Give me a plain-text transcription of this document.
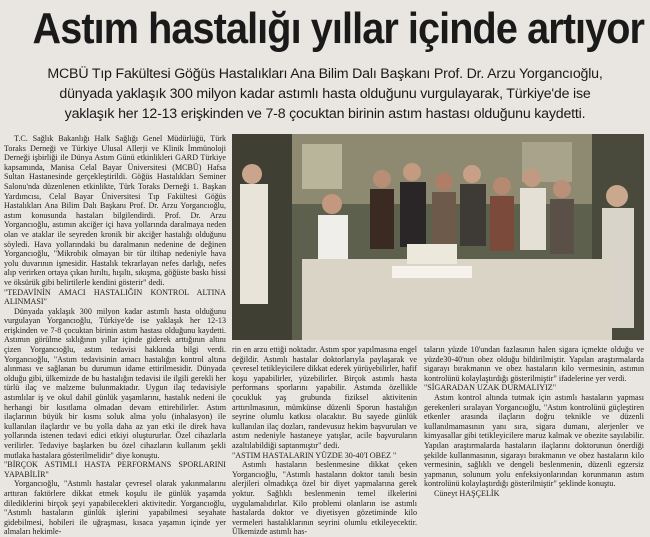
Astım hastalığı yıllar içinde artıyor
MCBÜ Tıp Fakültesi Göğüs Hastalıkları Ana Bilim Dalı Başkanı Prof. Dr. Arzu Yorgancıoğlu,
dünyada yaklaşık 300 milyon kadar astımlı hasta olduğunu vurgulayarak, Türkiye'de ise
yaklaşık her 12-13 erişkinden ve 7-8 çocuktan birinin astım hastası olduğunu kaydetti.

T.C. Sağlık Bakanlığı Halk Sağlığı Genel Müdürlüğü, Türk Toraks Derneği ve Türkiye Ulusal Allerji ve Klinik İmmünoloji Derneği işbirliği ile Dünya Astım Günü etkinlikleri GARD Türkiye kapsamında, Manisa Celal Bayar Üniversitesi (MCBÜ) Hafsa Sultan Hastanesinde gerçekleştirildi. Göğüs Hastalıkları Seminer Salonu'nda düzenlenen etkinlikte, Türk Toraks Derneği 1. Başkan Yardımcısı, Celal Bayar Üniversitesi Tıp Fakültesi Göğüs Hastalıkları Ana Bilim Dalı Başkanı Prof. Dr. Arzu Yorgancıoğlu, astım konusunda hastaları bilgilendirdi. Prof. Dr. Arzu Yorgancıoğlu, astımın akciğer içi hava yollarında daralmaya neden olan ve ataklar ile seyreden kronik bir akciğer hastalığı olduğunu söyledi. Hava yollarındaki bu daralmanın nedenine de değinen Yorgancıoğlu, "Mikrobik olmayan bir tür iltihap nedeniyle hava yolu duvarının işmesidir. Hastalık tekrarlayan nefes darlığı, nefes alıp verirken ortaya çıkan hırıltı, hışıltı, sıkışma, göğüste baskı hissi ve öksürük gibi belirtilerle kendini gösterir" dedi.

"TEDAVİNİN AMACI HASTALIĞIN KONTROL ALTINA ALINMASI"

Dünyada yaklaşık 300 milyon kadar astımlı hasta olduğunu vurgulayan Yorgancıoğlu, Türkiye'de ise yaklaşık her 12-13 erişkinden ve 7-8 çocuktan birinin astım hastası olduğunu kaydetti. Astımın görülme sıklığının yıllar içinde giderek arttığının altını çizen Yorgancıoğlu, astım tedavisi hakkında bilgi verdi. Yorgancıoğlu, "Astım tedavisinin amacı hastalığın kontrol altına alınması ve sağlanan bu durumun idame ettirilmesidir. Dünyada olduğu gibi, ülkemizde de bu hastalığın tedavisi ile ilgili gerekli her türlü ilaç ve malzeme bulunmaktadır. Uygun ilaç tedavisiyle astımlılar iş ve okul dahil günlük yaşamlarını, hastalık nedeni ile herhangi bir kısıtlama olmadan devam ettirebilirler. Astım ilaçlarının büyük bir kısmı soluk alma yolu (inhalasyon) ile kullanılan ilaçlardır ve bu yolla daha az yan etki ile direk hava yollarında istenen tedavi edici etkiyi oluştururlar. Özel cihazlarla verilirler. Tedaviye başlarken bu özel cihazların kullanım şekli mutlaka hastalara gösterilmelidir" diye konuştu.

"BİRÇOK ASTIMLI HASTA PERFORMANS SPORLARINI YAPABİLİR"

Yorgancıoğlu, "Astımlı hastalar çevresel olarak yakınmalarını arttıran faktörlere dikkat etmek koşulu ile günlük yaşamda dilediklerini birçok şeyi yapabilecekleri aktivitedir. Yorgancıoğlu, "Astımlı hastaların günlük işlerini yapabilmesi seyahate gidebilmesi, hobileri ile uğraşması, kısaca yaşamın içinde yer almaları hekimle-

rin en arzu ettiği noktadır. Astım spor yapılmasına engel değildir. Astımlı hastalar doktorlarıyla paylaşarak ve çevresel tetikleyicilere dikkat ederek yürüyebilirler, hafif koşu yapabilirler, yüzebilirler. Birçok astımlı hasta performans sporlarını yapabilir. Astımda özellikle çocukluk yaş grubunda fiziksel aktivitenin arttırılmasının, mümkünse düzenli Sporun hastalığın seyrine olumlu katkısı olacaktır. Bu sayede günlük kullanılan ilaç dozları, randevusuz hekim başvuruları ve astım nedeniyle hastaneye yatışlar, acile başvuruların azaltılabildiği saptanmıştır" dedi.

"ASTIM HASTALARIN YÜZDE 30-40'I OBEZ "

Astımlı hastaların beslenmesine dikkat çeken Yorgancıoğlu, "Astımlı hastaların doktor tanılı besin alerjileri olmadıkça özel bir diyet yapmalarına gerek yoktur. Sağlıklı beslenmenin temel ilkelerini uygulamalıdırlar. Kilo problemi olanların ise astımlı hastalarda doktor ve diyetisyen gözetiminde kilo vermeleri hastalıklarının seyrini olumlu etkileyecektir. Ülkemizde astımlı has-

taların yüzde 10'undan fazlasının halen sigara içmekte olduğu ve yüzde30-40'nın obez olduğu bildirilmiştir. Yapılan araştırmalarda sigarayı bırakmanın ve obez hastaların kilo vermesinin, astımın kontrolünü kolaylaştırdığı gösterilmiştir" ifadelerine yer verdi.

"SİGARADAN UZAK DURMALIYIZ"

Astım kontrol altında tutmak için astımlı hastaların yapması gerekenleri sıralayan Yorgancıoğlu, "Astım kontrolünü güçleştiren etkenler arasında ilaçların doğru teknikle ve düzenli kullanılmamasının yanı sıra, sigara dumanı, alerjenler ve kimyasallar gibi tetikleyicilere maruz kalmak ve obezite sayılabilir. Yapılan araştırmalarda hastaların ilaçlarını doktorunun önerdiği şekilde kullanmasının, sigarayı bırakmanın ve obez hastaların kilo vermesinin, sağlıklı ve dengeli beslenmenin, düzenli egzersiz yapmanın, solunum yolu enfeksiyonlarından korunmanın astım kontrolünü kolaylaştırdığı gösterilmiştir" şeklinde konuştu.

Cüneyt HAŞÇELİK
